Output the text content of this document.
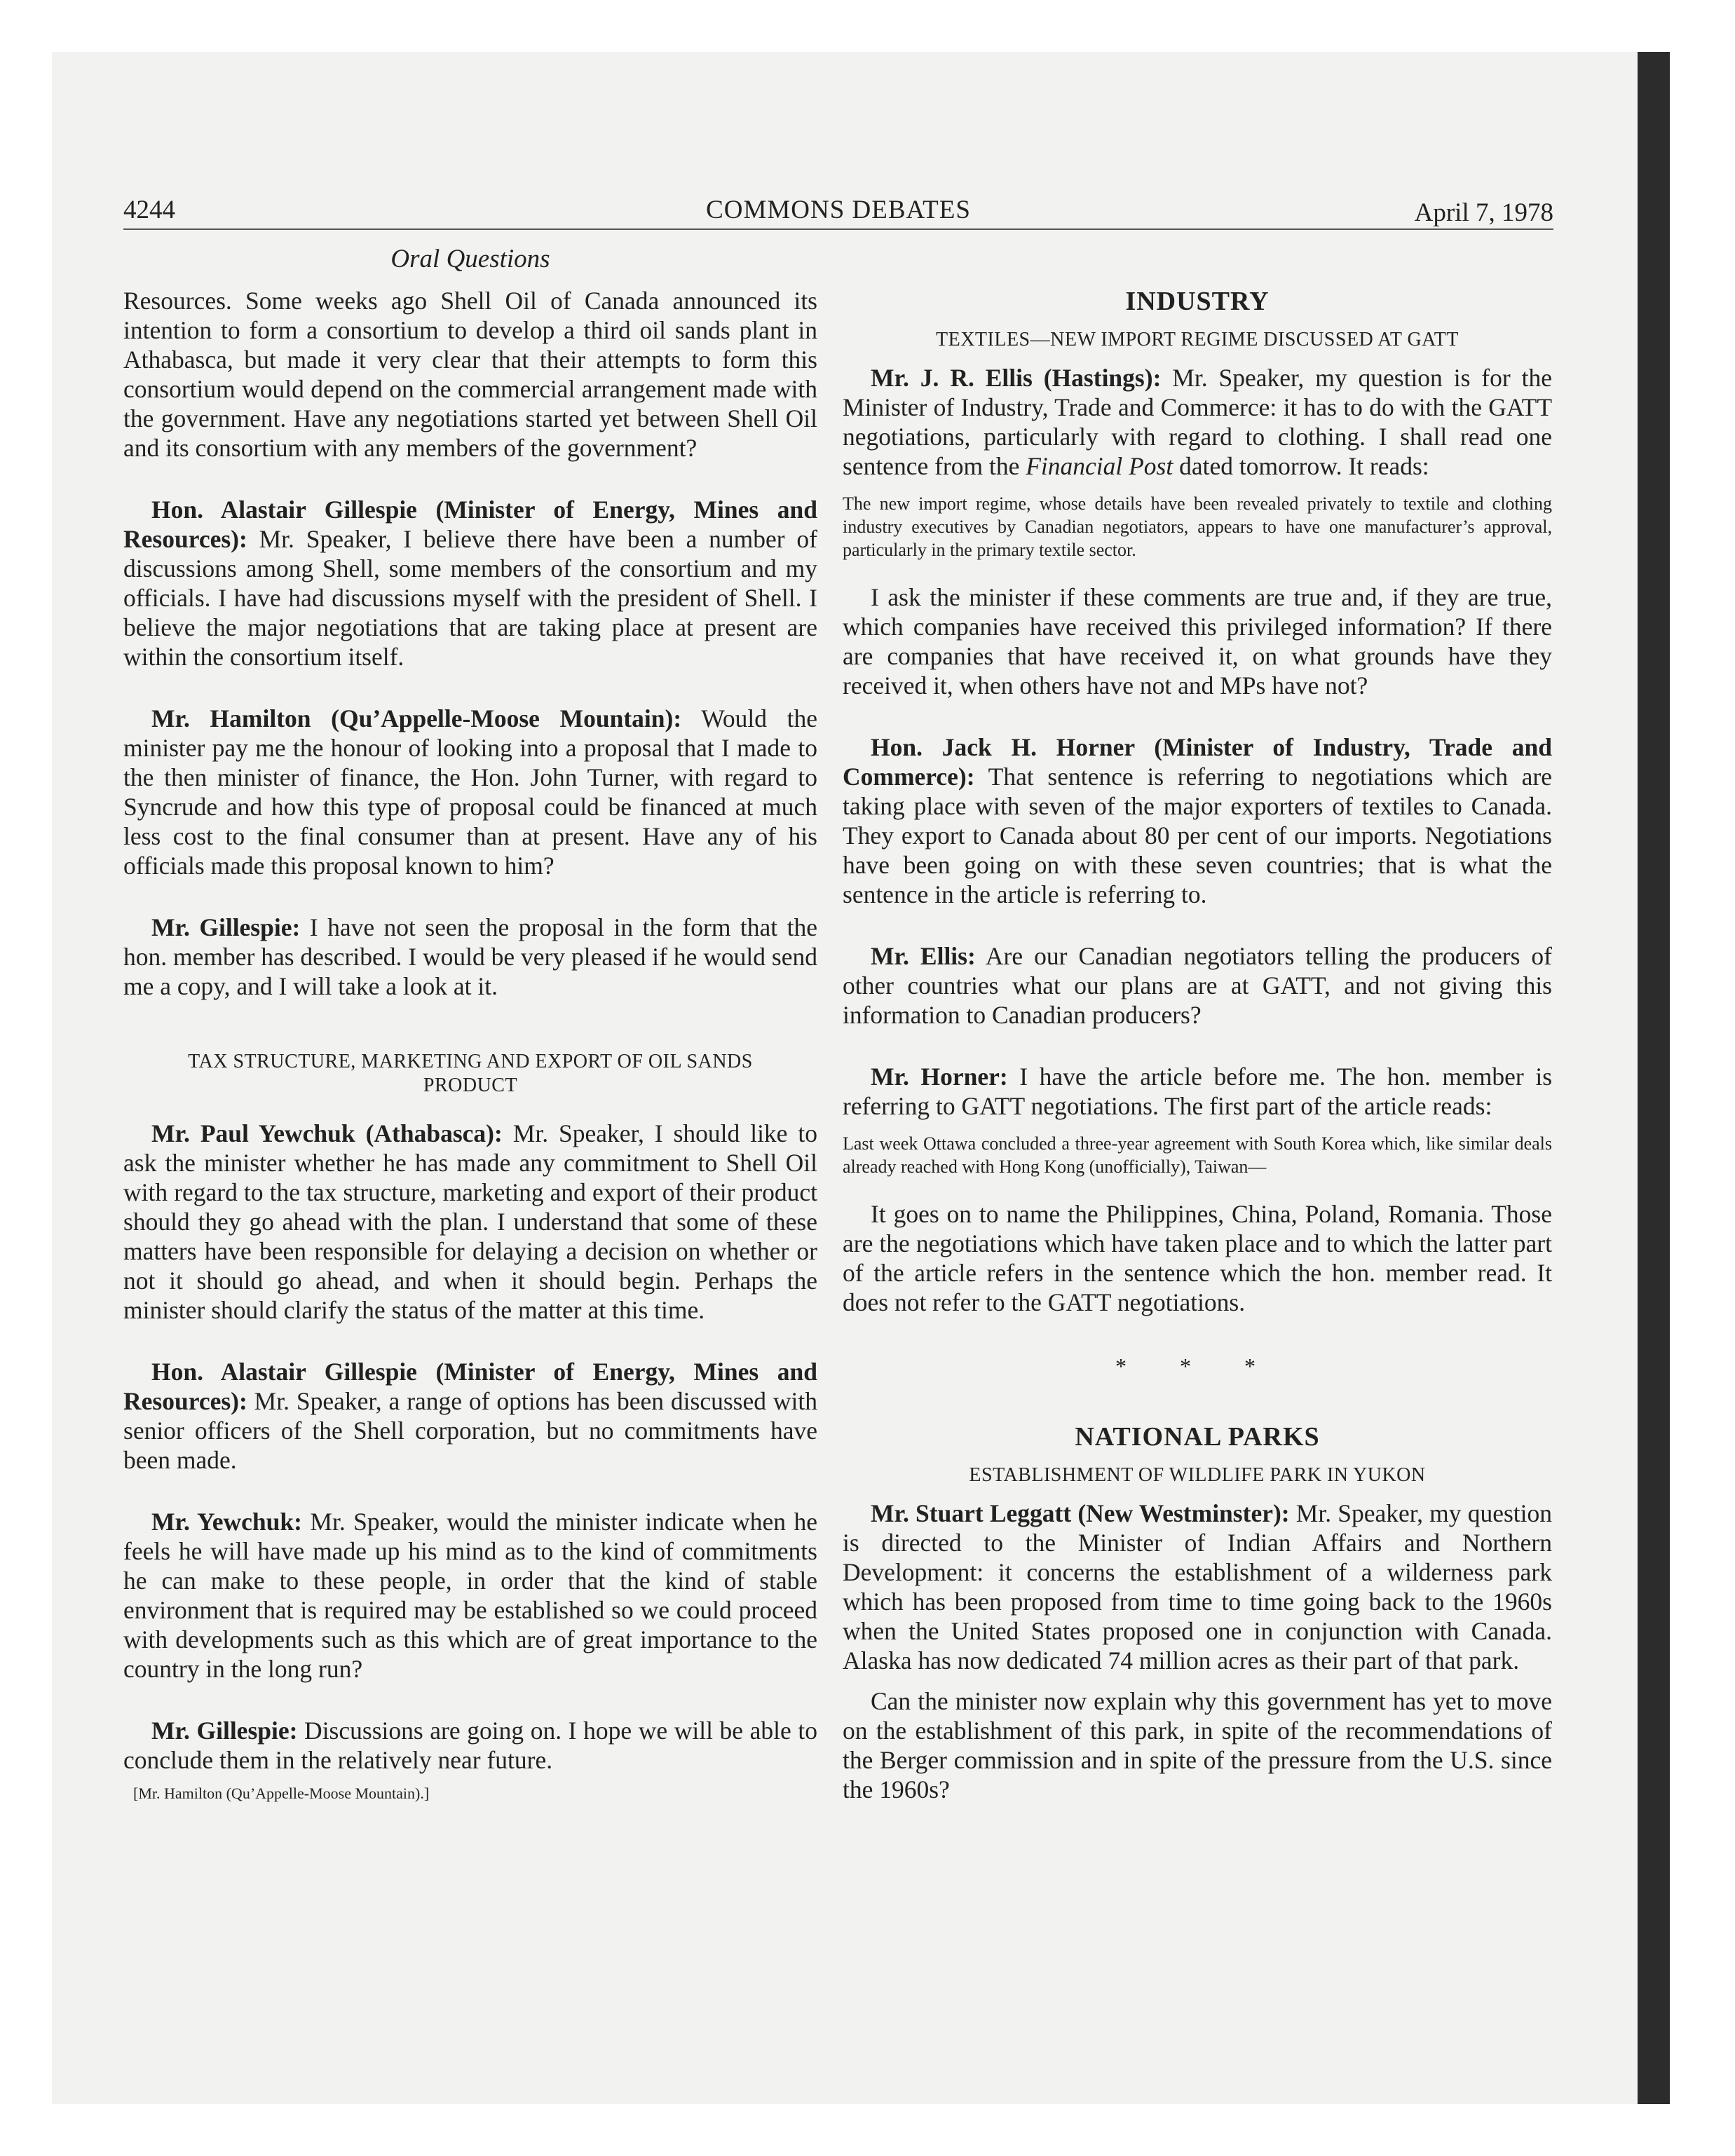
4244	COMMONS DEBATES	April 7, 1978
Oral Questions

Resources. Some weeks ago Shell Oil of Canada announced its intention to form a consortium to develop a third oil sands plant in Athabasca, but made it very clear that their attempts to form this consortium would depend on the commercial arrangement made with the government. Have any negotiations started yet between Shell Oil and its consortium with any members of the government?

Hon. Alastair Gillespie (Minister of Energy, Mines and Resources): Mr. Speaker, I believe there have been a number of discussions among Shell, some members of the consortium and my officials. I have had discussions myself with the president of Shell. I believe the major negotiations that are taking place at present are within the consortium itself.

Mr. Hamilton (Qu’Appelle-Moose Mountain): Would the minister pay me the honour of looking into a proposal that I made to the then minister of finance, the Hon. John Turner, with regard to Syncrude and how this type of proposal could be financed at much less cost to the final consumer than at present. Have any of his officials made this proposal known to him?

Mr. Gillespie: I have not seen the proposal in the form that the hon. member has described. I would be very pleased if he would send me a copy, and I will take a look at it.

TAX STRUCTURE, MARKETING AND EXPORT OF OIL SANDS PRODUCT

Mr. Paul Yewchuk (Athabasca): Mr. Speaker, I should like to ask the minister whether he has made any commitment to Shell Oil with regard to the tax structure, marketing and export of their product should they go ahead with the plan. I understand that some of these matters have been responsible for delaying a decision on whether or not it should go ahead, and when it should begin. Perhaps the minister should clarify the status of the matter at this time.

Hon. Alastair Gillespie (Minister of Energy, Mines and Resources): Mr. Speaker, a range of options has been discussed with senior officers of the Shell corporation, but no commitments have been made.

Mr. Yewchuk: Mr. Speaker, would the minister indicate when he feels he will have made up his mind as to the kind of commitments he can make to these people, in order that the kind of stable environment that is required may be established so we could proceed with developments such as this which are of great importance to the country in the long run?

Mr. Gillespie: Discussions are going on. I hope we will be able to conclude them in the relatively near future.

[Mr. Hamilton (Qu’Appelle-Moose Mountain).]

INDUSTRY

TEXTILES—NEW IMPORT REGIME DISCUSSED AT GATT

Mr. J. R. Ellis (Hastings): Mr. Speaker, my question is for the Minister of Industry, Trade and Commerce: it has to do with the GATT negotiations, particularly with regard to clothing. I shall read one sentence from the Financial Post dated tomorrow. It reads:

The new import regime, whose details have been revealed privately to textile and clothing industry executives by Canadian negotiators, appears to have one manufacturer’s approval, particularly in the primary textile sector.

I ask the minister if these comments are true and, if they are true, which companies have received this privileged information? If there are companies that have received it, on what grounds have they received it, when others have not and MPs have not?

Hon. Jack H. Horner (Minister of Industry, Trade and Commerce): That sentence is referring to negotiations which are taking place with seven of the major exporters of textiles to Canada. They export to Canada about 80 per cent of our imports. Negotiations have been going on with these seven countries; that is what the sentence in the article is referring to.

Mr. Ellis: Are our Canadian negotiators telling the producers of other countries what our plans are at GATT, and not giving this information to Canadian producers?

Mr. Horner: I have the article before me. The hon. member is referring to GATT negotiations. The first part of the article reads:

Last week Ottawa concluded a three-year agreement with South Korea which, like similar deals already reached with Hong Kong (unofficially), Taiwan—

It goes on to name the Philippines, China, Poland, Romania. Those are the negotiations which have taken place and to which the latter part of the article refers in the sentence which the hon. member read. It does not refer to the GATT negotiations.

* * *

NATIONAL PARKS

ESTABLISHMENT OF WILDLIFE PARK IN YUKON

Mr. Stuart Leggatt (New Westminster): Mr. Speaker, my question is directed to the Minister of Indian Affairs and Northern Development: it concerns the establishment of a wilderness park which has been proposed from time to time going back to the 1960s when the United States proposed one in conjunction with Canada. Alaska has now dedicated 74 million acres as their part of that park.

Can the minister now explain why this government has yet to move on the establishment of this park, in spite of the recommendations of the Berger commission and in spite of the pressure from the U.S. since the 1960s?
